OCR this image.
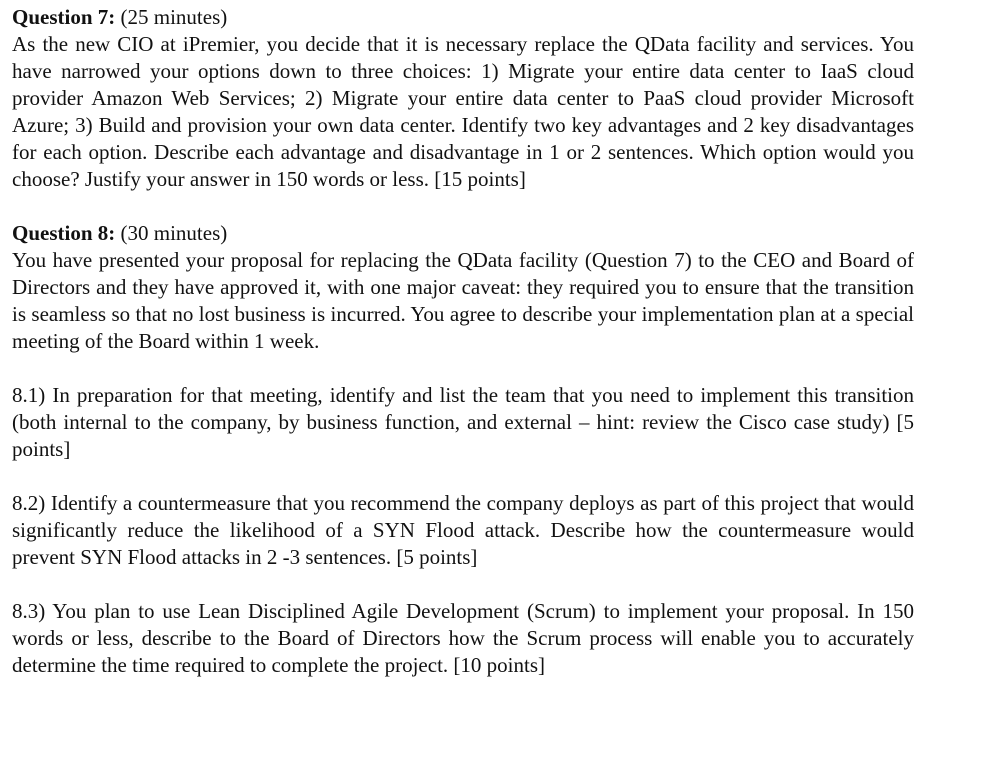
Question 7: (25 minutes)
As the new CIO at iPremier, you decide that it is necessary replace the QData facility and services. You have narrowed your options down to three choices: 1) Migrate your entire data center to IaaS cloud provider Amazon Web Services; 2) Migrate your entire data center to PaaS cloud provider Microsoft Azure; 3) Build and provision your own data center. Identify two key advantages and 2 key disadvantages for each option. Describe each advantage and disadvantage in 1 or 2 sentences. Which option would you choose? Justify your answer in 150 words or less. [15 points]
Question 8: (30 minutes)
You have presented your proposal for replacing the QData facility (Question 7) to the CEO and Board of Directors and they have approved it, with one major caveat: they required you to ensure that the transition is seamless so that no lost business is incurred. You agree to describe your implementation plan at a special meeting of the Board within 1 week.

8.1) In preparation for that meeting, identify and list the team that you need to implement this transition (both internal to the company, by business function, and external – hint: review the Cisco case study) [5 points]

8.2) Identify a countermeasure that you recommend the company deploys as part of this project that would significantly reduce the likelihood of a SYN Flood attack. Describe how the countermeasure would prevent SYN Flood attacks in 2 -3 sentences. [5 points]

8.3) You plan to use Lean Disciplined Agile Development (Scrum) to implement your proposal. In 150 words or less, describe to the Board of Directors how the Scrum process will enable you to accurately determine the time required to complete the project. [10 points]
